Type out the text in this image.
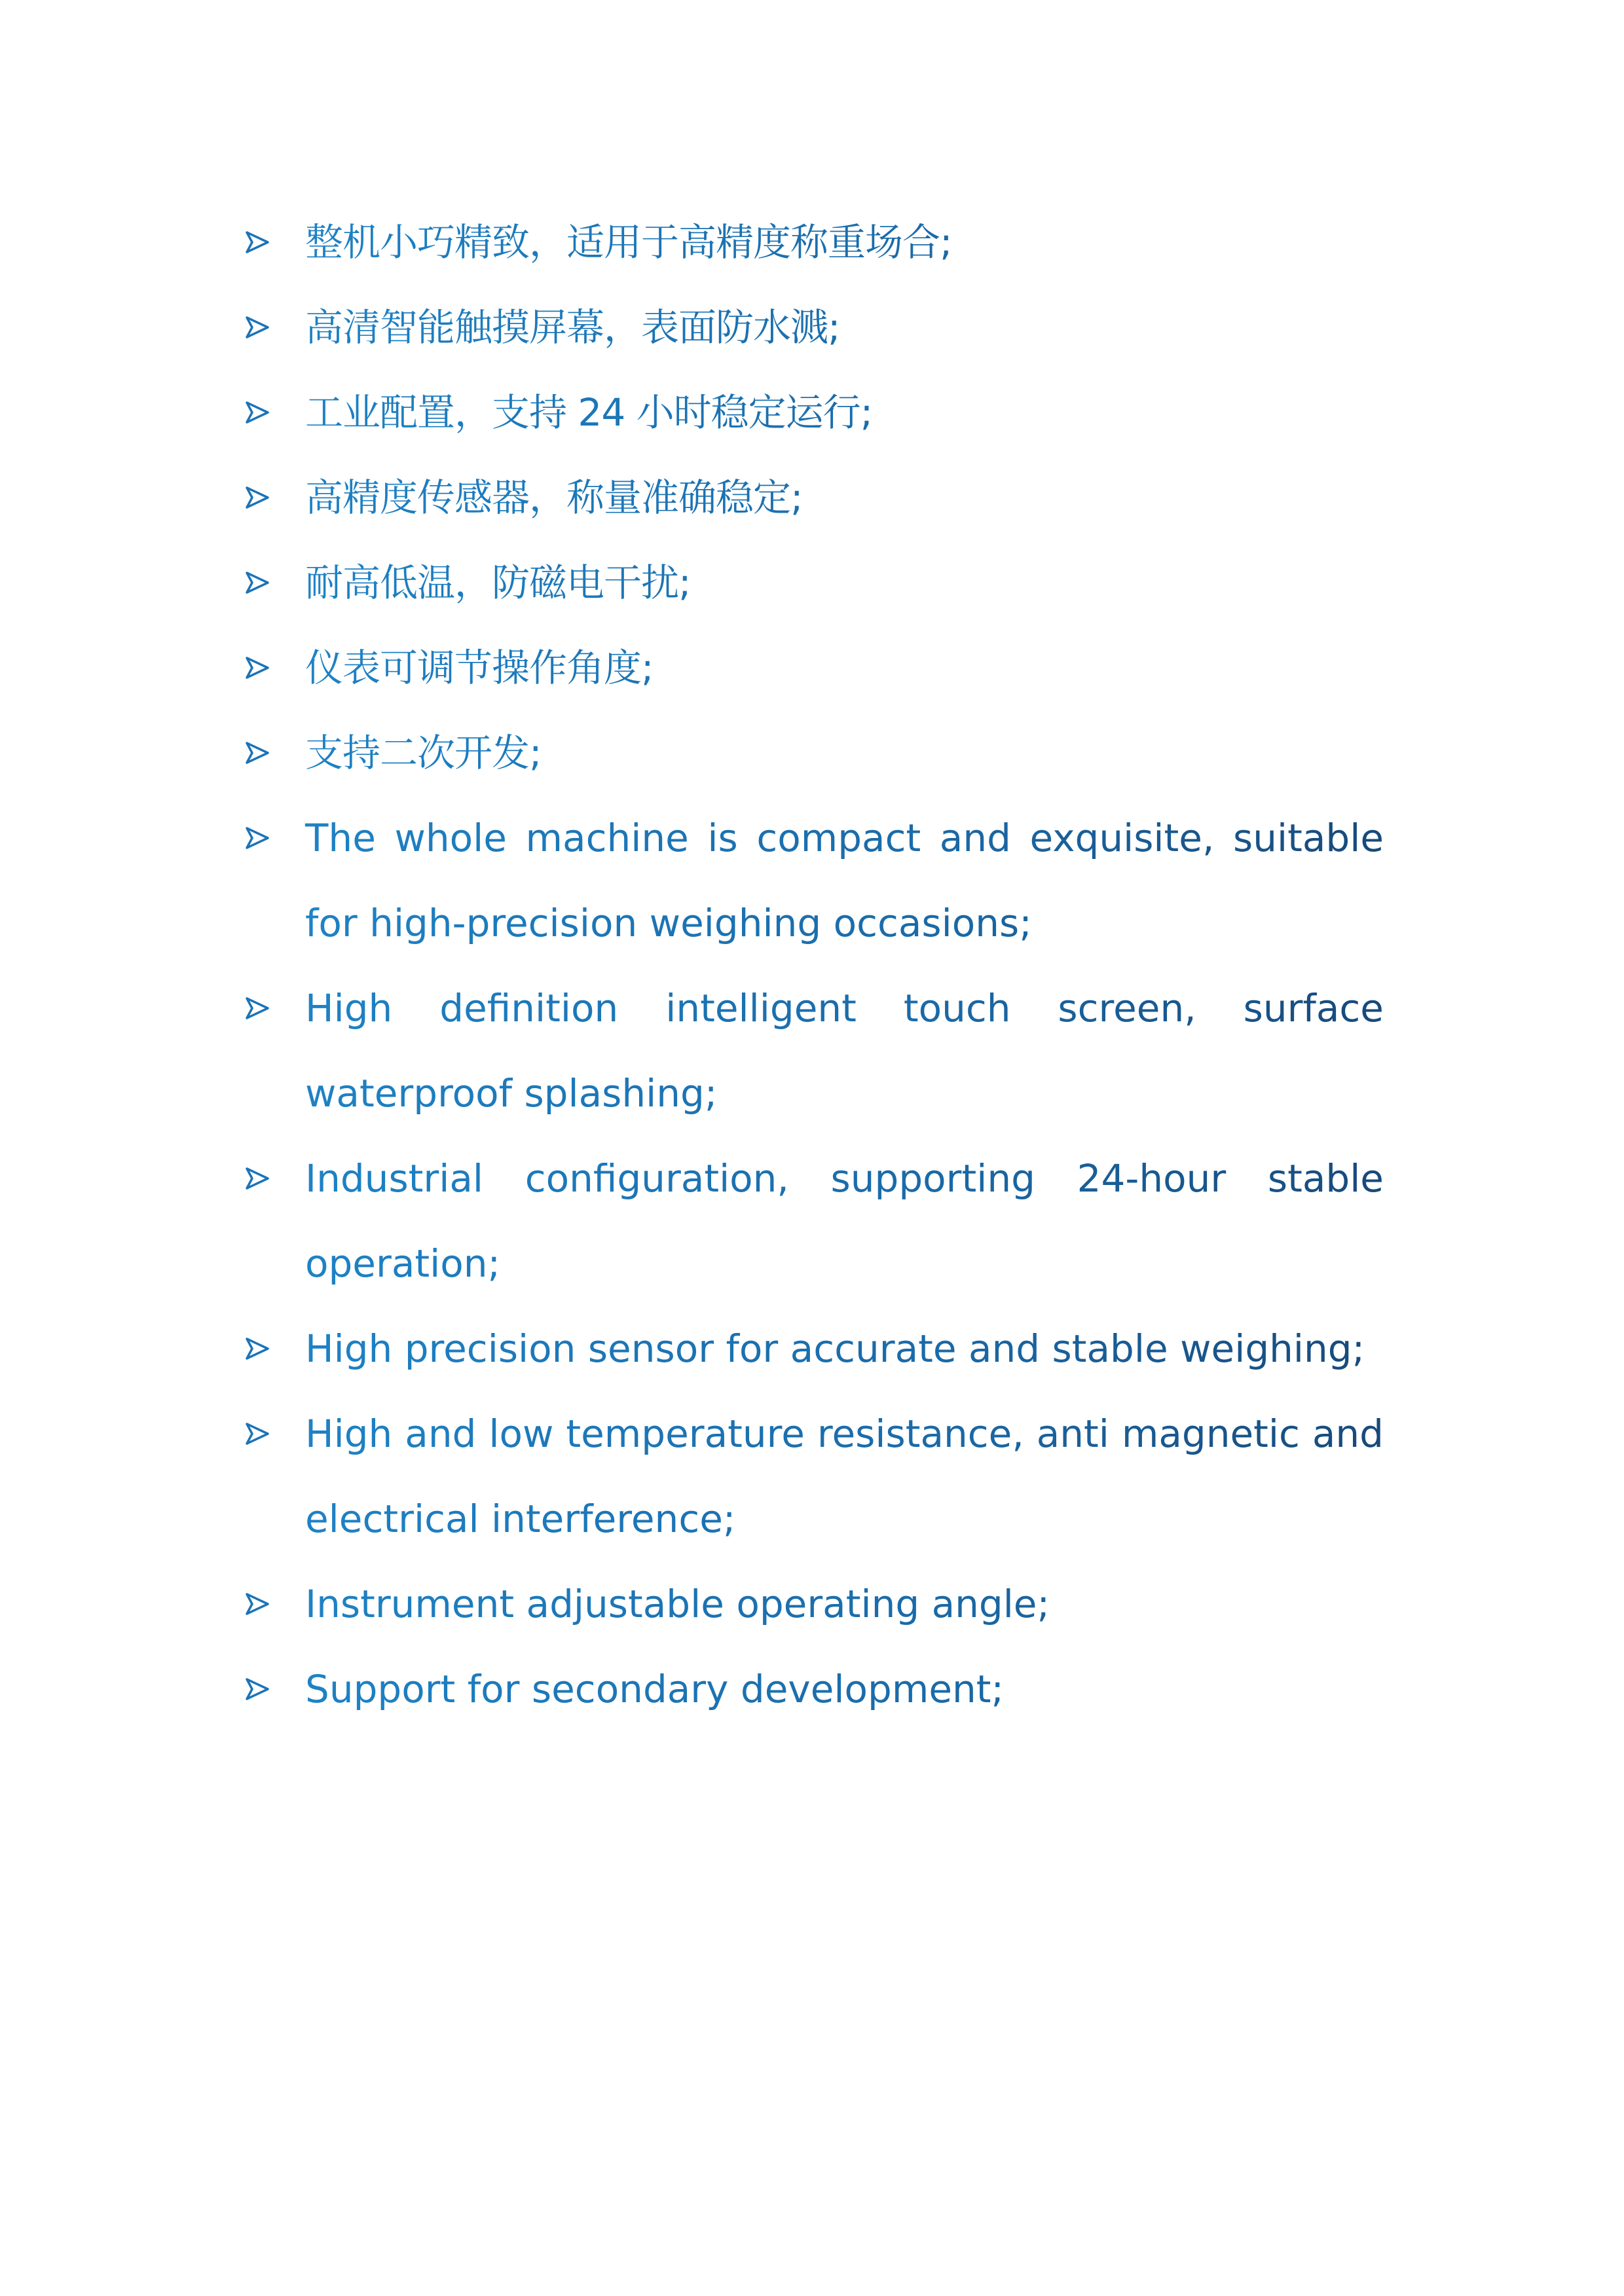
整机小巧精致，适用于高精度称重场合;
高清智能触摸屏幕，表面防水溅;
工业配置，支持 24 小时稳定运行;
高精度传感器，称量准确稳定;
耐高低温，防磁电干扰;
仪表可调节操作角度;
支持二次开发;
The whole machine is compact and exquisite, suitable for high-precision weighing occasions;
High definition intelligent touch screen, surface waterproof splashing;
Industrial configuration, supporting 24-hour stable operation;
High precision sensor for accurate and stable weighing;
High and low temperature resistance, anti magnetic and electrical interference;
Instrument adjustable operating angle;
Support for secondary development;
